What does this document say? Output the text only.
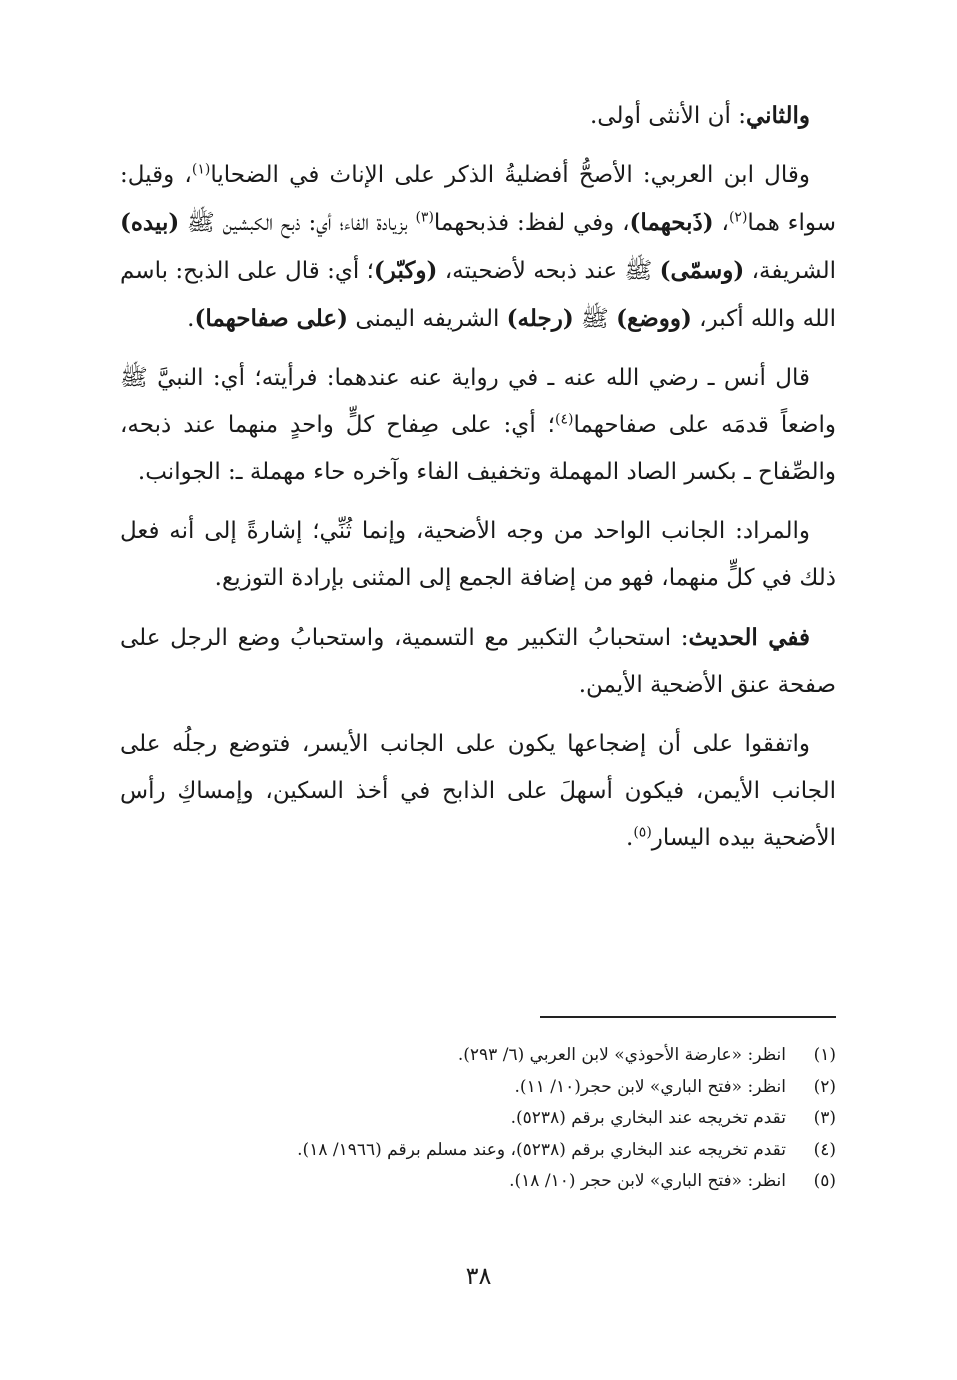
والثاني: أن الأنثى أولى.

وقال ابن العربي: الأصحُّ أفضليةُ الذكر على الإناث في الضحايا$^{(١)}$، وقيل: سواء هما$^{(٢)}$، (ذَبحهما)، وفي لفظ: فذبحهما$^{(٣)}$ بزيادة الفاء؛ أي: ذبح الكبشين ﷺ (بيده) الشريفة، (وسمّى) ﷺ عند ذبحه لأضحيته، (وكبّر)؛ أي: قال على الذبح: باسم الله والله أكبر، (ووضع) ﷺ (رجله) الشريفه اليمنى (على صفاحهما).

قال أنس ـ رضي الله عنه ـ في رواية عنه عندهما: فرأيته؛ أي: النبيَّ ﷺ واضعاً قدمَه على صفاحهما$^{(٤)}$؛ أي: على صِفاح كلٍّ واحدٍ منهما عند ذبحه، والصِّفاح ـ بكسر الصاد المهملة وتخفيف الفاء وآخره حاء مهملة ـ: الجوانب.

والمراد: الجانب الواحد من وجه الأضحية، وإنما ثُنِّي؛ إشارةً إلى أنه فعل ذلك في كلٍّ منهما، فهو من إضافة الجمع إلى المثنى بإرادة التوزيع.

ففي الحديث: استحبابُ التكبير مع التسمية، واستحبابُ وضع الرجل على صفحة عنق الأضحية الأيمن.

واتفقوا على أن إضجاعها يكون على الجانب الأيسر، فتوضع رجلُه على الجانب الأيمن، فيكون أسهلَ على الذابح في أخذ السكين، وإمساكِ رأس الأضحية بيده اليسار$^{(٥)}$.

(١)انظر: «عارضة الأحوذي» لابن العربي (٦/ ٢٩٣).
(٢)انظر: «فتح الباري» لابن حجر(١٠/ ١١).
(٣)تقدم تخريجه عند البخاري برقم (٥٢٣٨).
(٤)تقدم تخريجه عند البخاري برقم (٥٢٣٨)، وعند مسلم برقم (١٩٦٦/ ١٨).
(٥)انظر: «فتح الباري» لابن حجر (١٠/ ١٨).
٣٨
